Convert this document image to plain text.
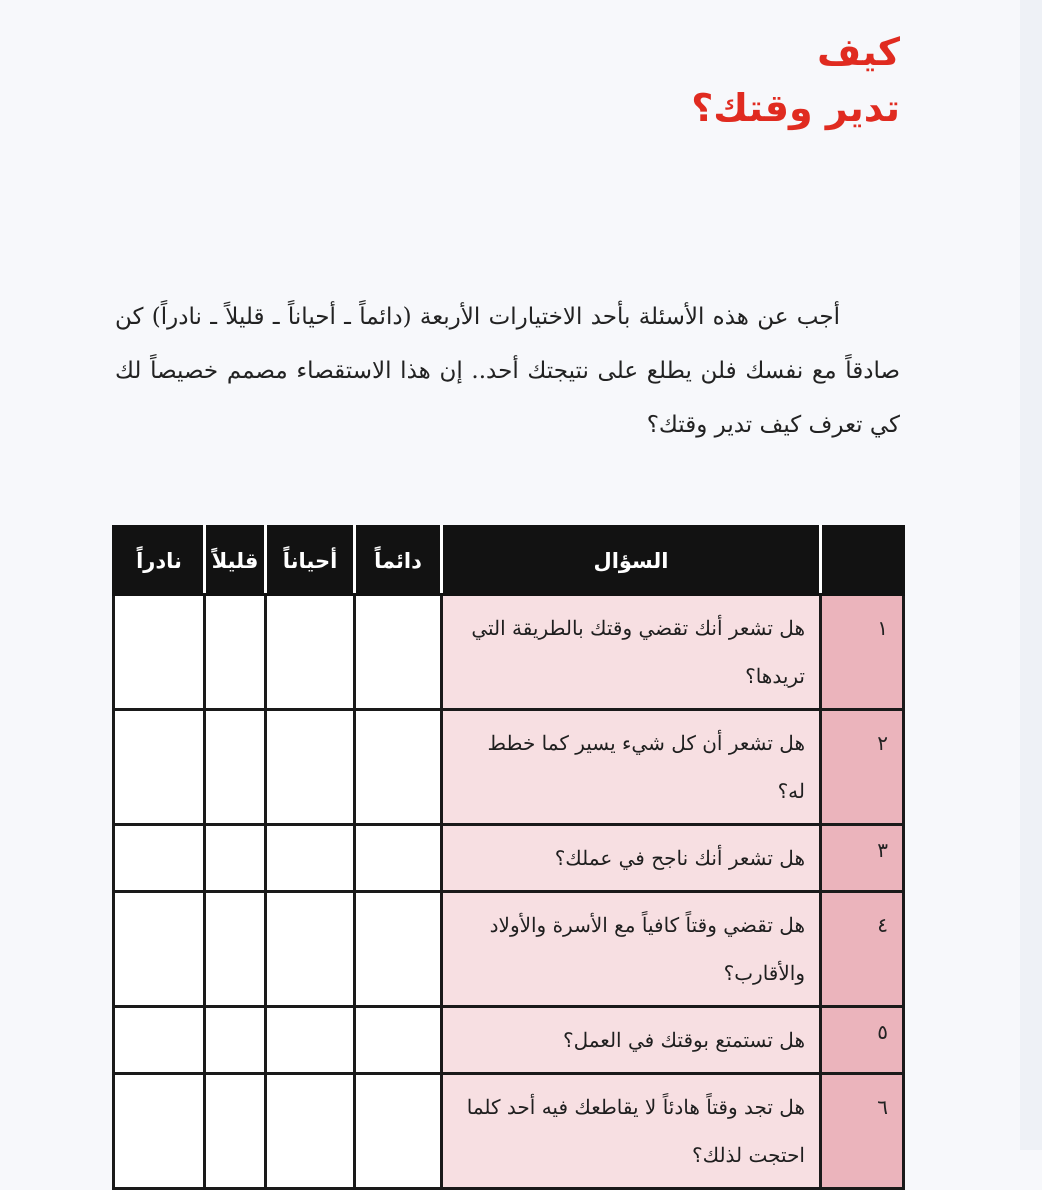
كيف
تدير وقتك؟
أجب عن هذه الأسئلة بأحد الاختيارات الأربعة (دائماً ـ أحياناً ـ قليلاً ـ نادراً) كن صادقاً مع نفسك فلن يطلع على نتيجتك أحد.. إن هذا الاستقصاء مصمم خصيصاً لك كي تعرف كيف تدير وقتك؟
	السؤال	دائماً	أحياناً	قليلاً	نادراً
١	هل تشعر أنك تقضي وقتك بالطريقة التي تريدها؟				
٢	هل تشعر أن كل شيء يسير كما خطط له؟				
٣	هل تشعر أنك ناجح في عملك؟				
٤	هل تقضي وقتاً كافياً مع الأسرة والأولاد والأقارب؟				
٥	هل تستمتع بوقتك في العمل؟				
٦	هل تجد وقتاً هادئاً لا يقاطعك فيه أحد كلما احتجت لذلك؟				
